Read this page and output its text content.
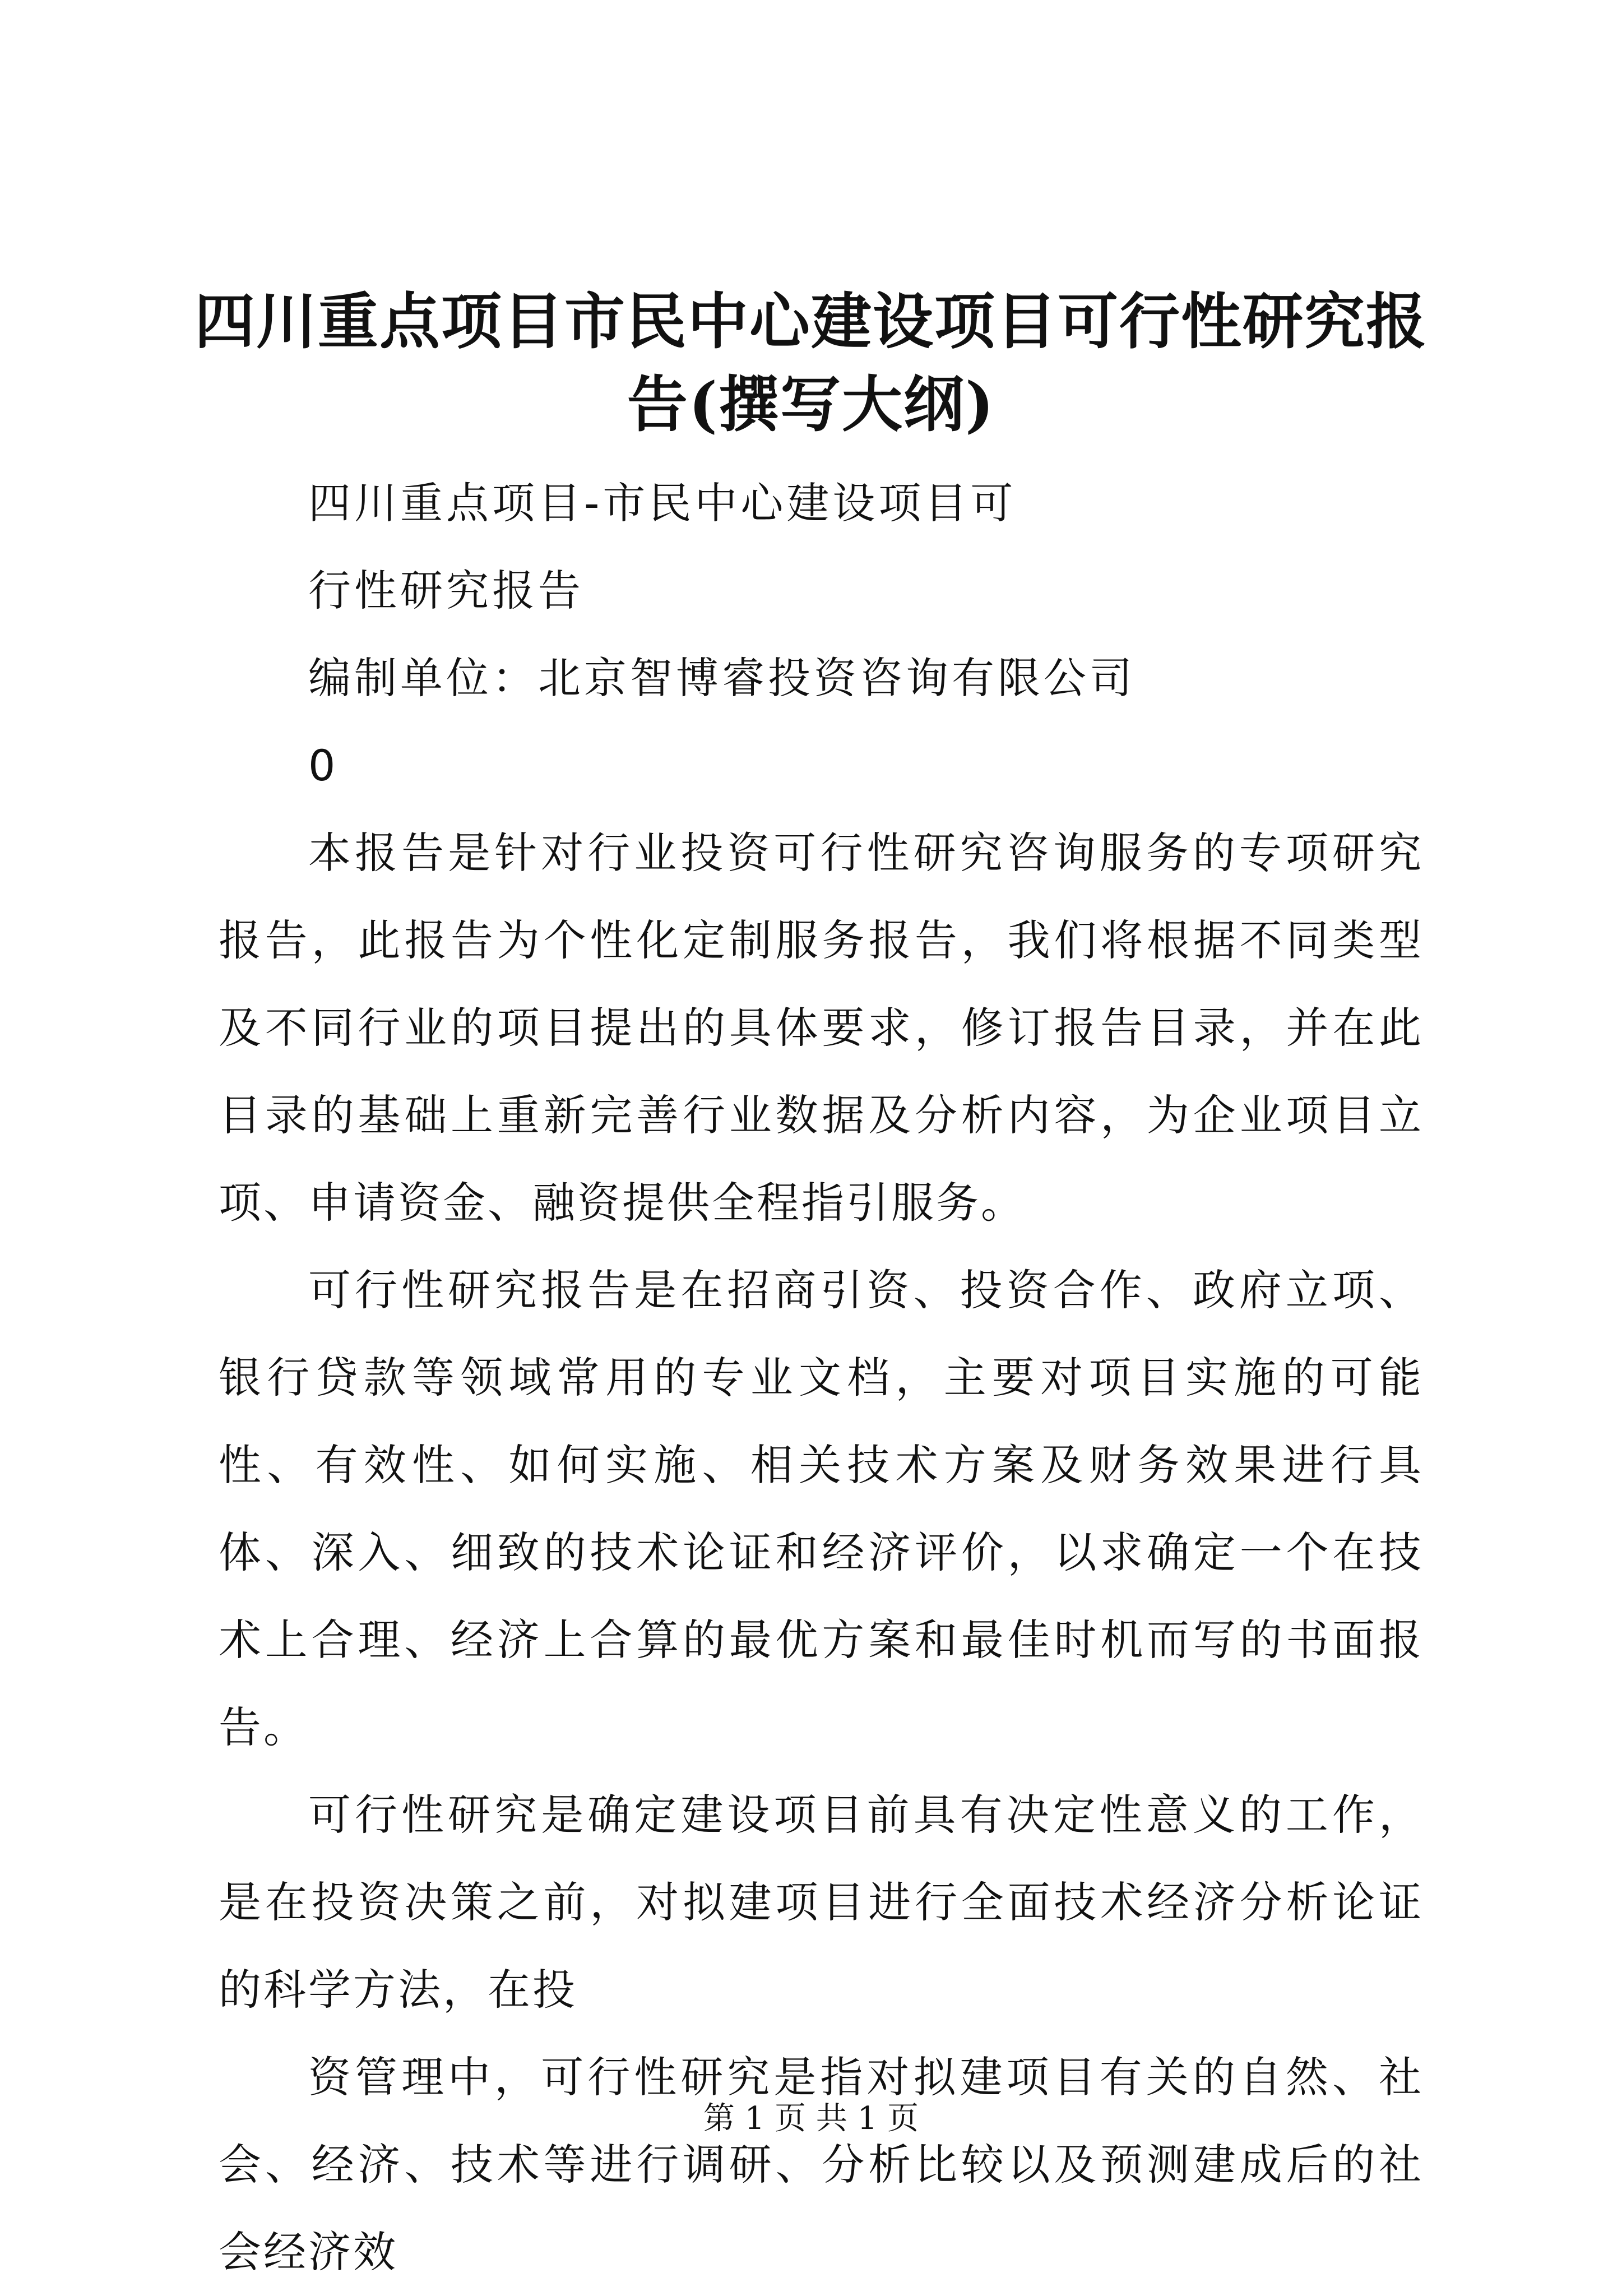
四川重点项目市民中心建设项目可行性研究报告(撰写大纲)

四川重点项目-市民中心建设项目可

行性研究报告

编制单位：北京智博睿投资咨询有限公司

0

本报告是针对行业投资可行性研究咨询服务的专项研究报告，此报告为个性化定制服务报告，我们将根据不同类型及不同行业的项目提出的具体要求，修订报告目录，并在此目录的基础上重新完善行业数据及分析内容，为企业项目立项、申请资金、融资提供全程指引服务。

可行性研究报告是在招商引资、投资合作、政府立项、银行贷款等领域常用的专业文档，主要对项目实施的可能性、有效性、如何实施、相关技术方案及财务效果进行具体、深入、细致的技术论证和经济评价，以求确定一个在技术上合理、经济上合算的最优方案和最佳时机而写的书面报告。

可行性研究是确定建设项目前具有决定性意义的工作，是在投资决策之前，对拟建项目进行全面技术经济分析论证的科学方法，在投

资管理中，可行性研究是指对拟建项目有关的自然、社会、经济、技术等进行调研、分析比较以及预测建成后的社会经济效

第 1 页 共 1 页
